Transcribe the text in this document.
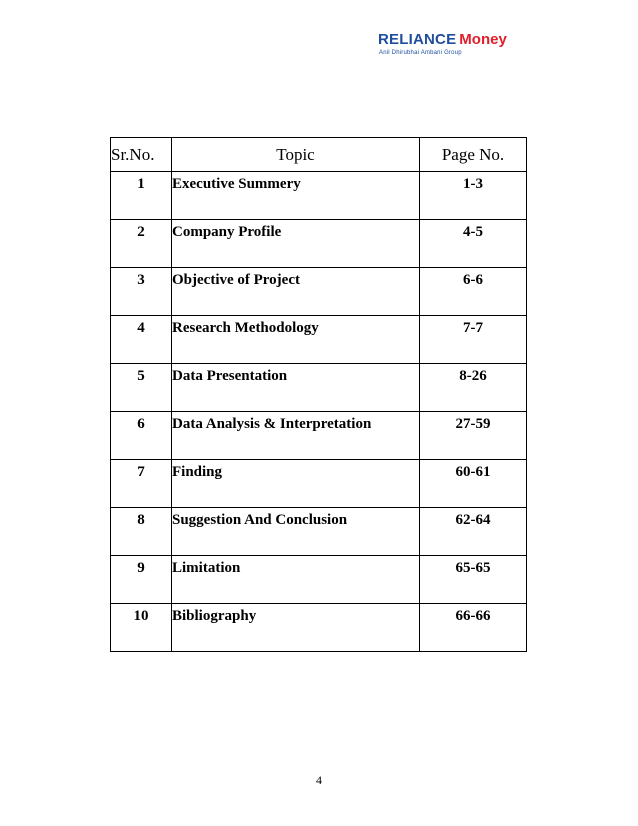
RELIANCE Money
Anil Dhirubhai Ambani Group
Sr.No.	Topic	Page No.
1	Executive Summery	1-3
2	Company Profile	4-5
3	Objective of Project	6-6
4	Research Methodology	7-7
5	Data Presentation	8-26
6	Data Analysis & Interpretation	27-59
7	Finding	60-61
8	Suggestion And Conclusion	62-64
9	Limitation	65-65
10	Bibliography	66-66
4
